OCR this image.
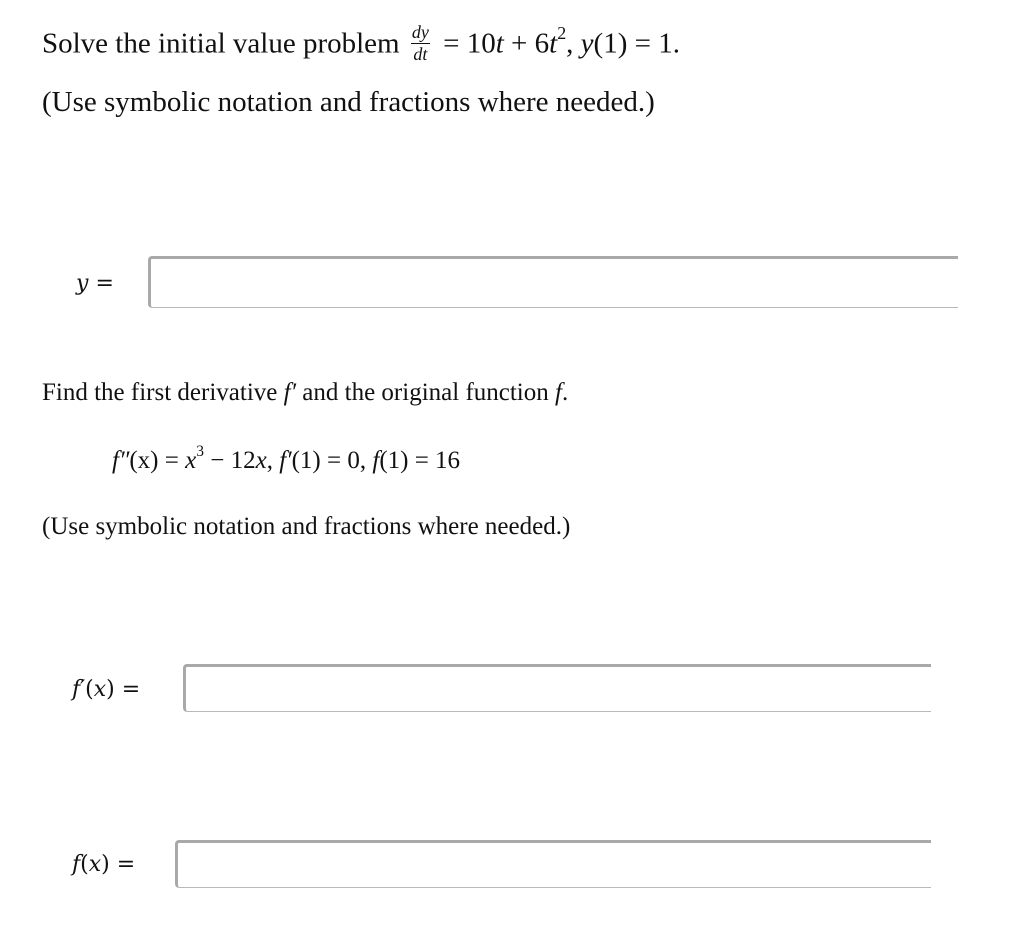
Solve the initial value problem $\frac{dy}{dt} = 10t + 6t^2$, y(1) = 1.
(Use symbolic notation and fractions where needed.)
y =
Find the first derivative f′ and the original function f.
$f''(x) = x^3 - 12x$, f′(1) = 0, f(1) = 16
(Use symbolic notation and fractions where needed.)
f′(x) =
f(x) =
